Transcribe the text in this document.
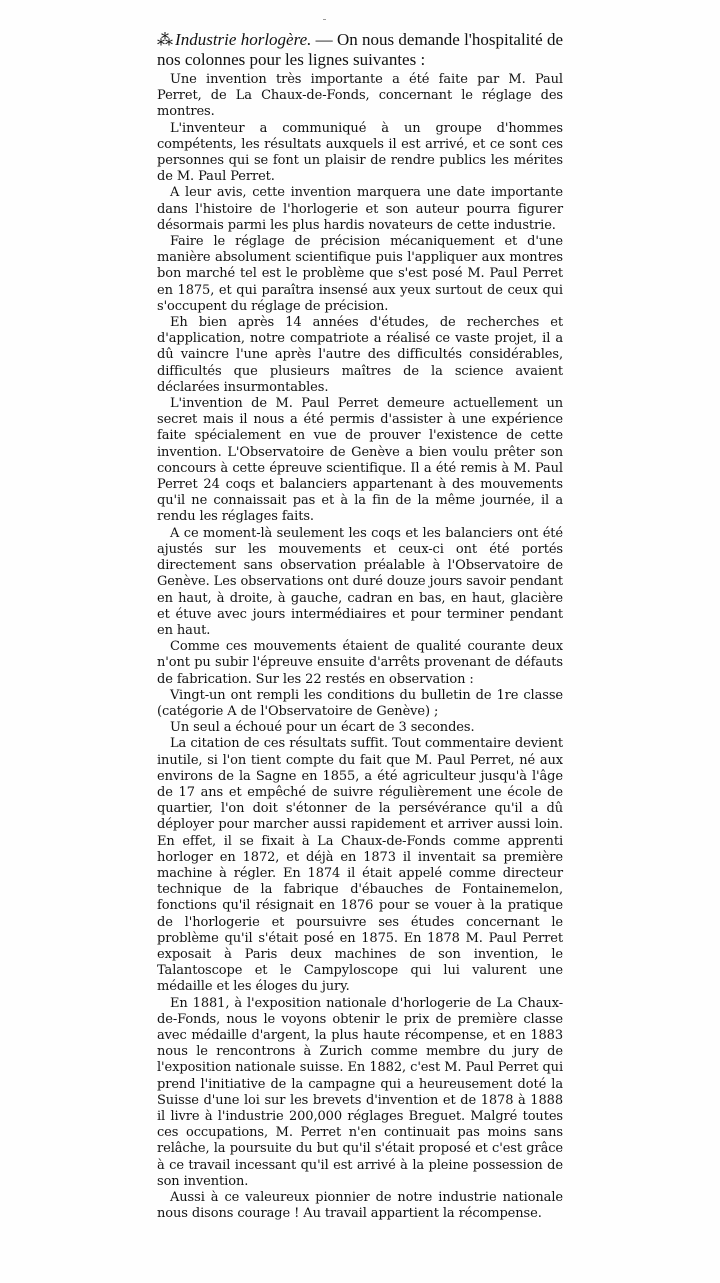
⁂ Industrie horlogère. — On nous demande l'hospitalité de nos colonnes pour les lignes suivantes :

Une invention très importante a été faite par M. Paul Perret, de La Chaux-de-Fonds, concernant le réglage des montres.

L'inventeur a communiqué à un groupe d'hommes compétents, les résultats auxquels il est arrivé, et ce sont ces personnes qui se font un plaisir de rendre publics les mérites de M. Paul Perret.

A leur avis, cette invention marquera une date importante dans l'histoire de l'horlogerie et son auteur pourra figurer désormais parmi les plus hardis novateurs de cette industrie.

Faire le réglage de précision mécaniquement et d'une manière absolument scientifique puis l'appliquer aux montres bon marché tel est le problème que s'est posé M. Paul Perret en 1875, et qui paraîtra insensé aux yeux surtout de ceux qui s'occupent du réglage de précision.

Eh bien après 14 années d'études, de recherches et d'application, notre compatriote a réalisé ce vaste projet, il a dû vaincre l'une après l'autre des difficultés considérables, difficultés que plusieurs maîtres de la science avaient déclarées insurmontables.

L'invention de M. Paul Perret demeure actuellement un secret mais il nous a été permis d'assister à une expérience faite spécialement en vue de prouver l'existence de cette invention. L'Observatoire de Genève a bien voulu prêter son concours à cette épreuve scientifique. Il a été remis à M. Paul Perret 24 coqs et balanciers appartenant à des mouvements qu'il ne connaissait pas et à la fin de la même journée, il a rendu les réglages faits.

A ce moment-là seulement les coqs et les balanciers ont été ajustés sur les mouvements et ceux-ci ont été portés directement sans observation préalable à l'Observatoire de Genève. Les observations ont duré douze jours savoir pendant en haut, à droite, à gauche, cadran en bas, en haut, glacière et étuve avec jours intermédiaires et pour terminer pendant en haut.

Comme ces mouvements étaient de qualité courante deux n'ont pu subir l'épreuve ensuite d'arrêts provenant de défauts de fabrication. Sur les 22 restés en observation :

Vingt-un ont rempli les conditions du bulletin de 1re classe (catégorie A de l'Observatoire de Genève) ;

Un seul a échoué pour un écart de 3 secondes.

La citation de ces résultats suffit. Tout commentaire devient inutile, si l'on tient compte du fait que M. Paul Perret, né aux environs de la Sagne en 1855, a été agriculteur jusqu'à l'âge de 17 ans et empêché de suivre régulièrement une école de quartier, l'on doit s'étonner de la persévérance qu'il a dû déployer pour marcher aussi rapidement et arriver aussi loin. En effet, il se fixait à La Chaux-de-Fonds comme apprenti horloger en 1872, et déjà en 1873 il inventait sa première machine à régler. En 1874 il était appelé comme directeur technique de la fabrique d'ébauches de Fontainemelon, fonctions qu'il résignait en 1876 pour se vouer à la pratique de l'horlogerie et poursuivre ses études concernant le problème qu'il s'était posé en 1875. En 1878 M. Paul Perret exposait à Paris deux machines de son invention, le Talantoscope et le Campyloscope qui lui valurent une médaille et les éloges du jury.

En 1881, à l'exposition nationale d'horlogerie de La Chaux-de-Fonds, nous le voyons obtenir le prix de première classe avec médaille d'argent, la plus haute récompense, et en 1883 nous le rencontrons à Zurich comme membre du jury de l'exposition nationale suisse. En 1882, c'est M. Paul Perret qui prend l'initiative de la campagne qui a heureusement doté la Suisse d'une loi sur les brevets d'invention et de 1878 à 1888 il livre à l'industrie 200,000 réglages Breguet. Malgré toutes ces occupations, M. Perret n'en continuait pas moins sans relâche, la poursuite du but qu'il s'était proposé et c'est grâce à ce travail incessant qu'il est arrivé à la pleine possession de son invention.

Aussi à ce valeureux pionnier de notre industrie nationale nous disons courage ! Au travail appartient la récompense.
